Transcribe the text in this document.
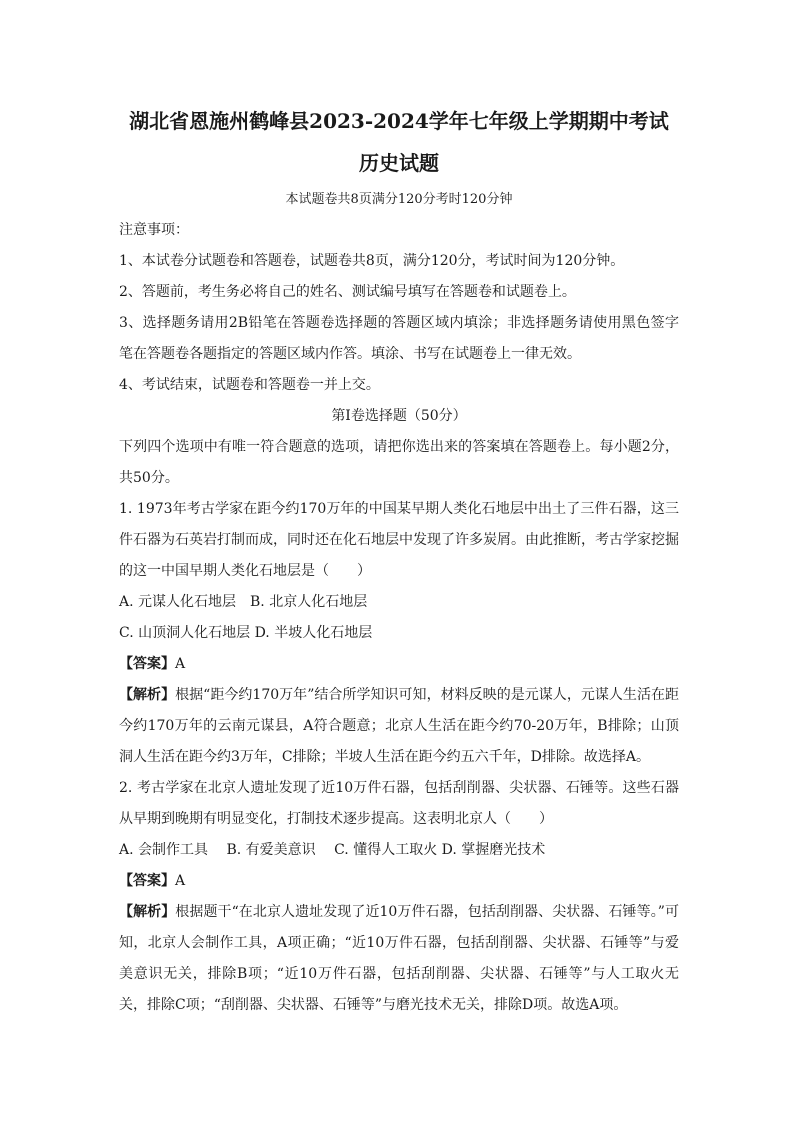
湖北省恩施州鹤峰县2023-2024学年七年级上学期期中考试
历史试题
本试题卷共8页满分120分考时120分钟

注意事项：

1、本试卷分试题卷和答题卷，试题卷共8页，满分120分，考试时间为120分钟。

2、答题前，考生务必将自己的姓名、测试编号填写在答题卷和试题卷上。

3、选择题务请用2B铅笔在答题卷选择题的答题区域内填涂；非选择题务请使用黑色签字笔在答题卷各题指定的答题区域内作答。填涂、书写在试题卷上一律无效。

4、考试结束，试题卷和答题卷一并上交。

第Ⅰ卷选择题（50分）

下列四个选项中有唯一符合题意的选项，请把你选出来的答案填在答题卷上。每小题2分，共50分。

1. 1973年考古学家在距今约170万年的中国某早期人类化石地层中出土了三件石器，这三件石器为石英岩打制而成，同时还在化石地层中发现了许多炭屑。由此推断，考古学家挖掘的这一中国早期人类化石地层是（　　）

A. 元谋人化石地层　B. 北京人化石地层

C. 山顶洞人化石地层 D. 半坡人化石地层

【答案】A

【解析】根据“距今约170万年”结合所学知识可知，材料反映的是元谋人，元谋人生活在距今约170万年的云南元谋县，A符合题意；北京人生活在距今约70-20万年，B排除；山顶洞人生活在距今约3万年，C排除；半坡人生活在距今约五六千年，D排除。故选择A。

2. 考古学家在北京人遗址发现了近10万件石器，包括刮削器、尖状器、石锤等。这些石器从早期到晚期有明显变化，打制技术逐步提高。这表明北京人（　　）

A. 会制作工具　 B. 有爱美意识　 C. 懂得人工取火 D. 掌握磨光技术

【答案】A

【解析】根据题干“在北京人遗址发现了近10万件石器，包括刮削器、尖状器、石锤等。”可知，北京人会制作工具，A项正确；“近10万件石器，包括刮削器、尖状器、石锤等”与爱美意识无关，排除B项；“近10万件石器，包括刮削器、尖状器、石锤等”与人工取火无关，排除C项；“刮削器、尖状器、石锤等”与磨光技术无关，排除D项。故选A项。
